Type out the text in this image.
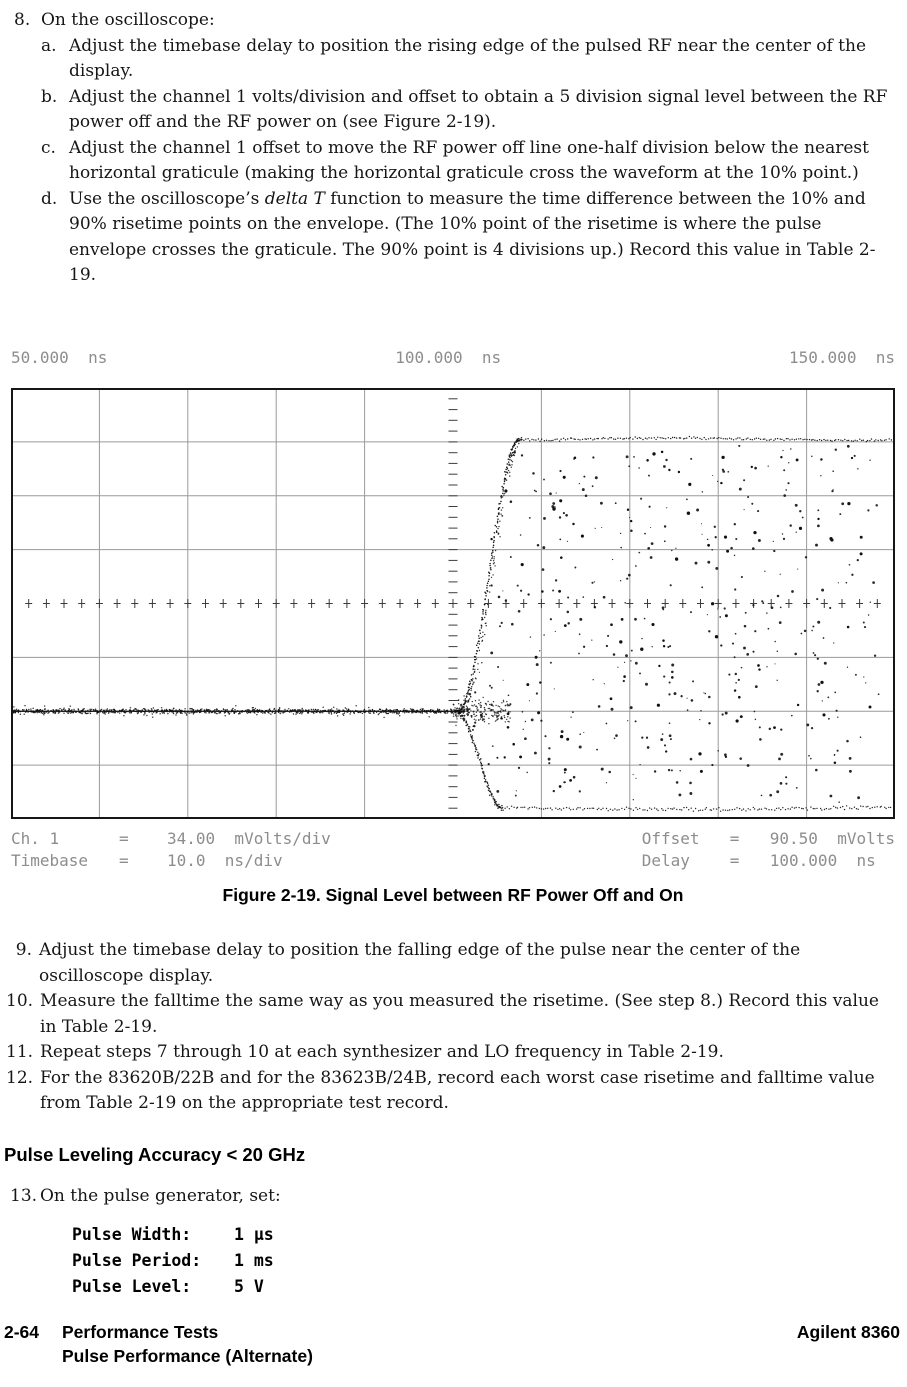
8. On the oscilloscope:
a. Adjust the timebase delay to position the rising edge of the pulsed RF near the center of the display.
b. Adjust the channel 1 volts/division and offset to obtain a 5 division signal level between the RF power off and the RF power on (see Figure 2-19).
c. Adjust the channel 1 offset to move the RF power off line one-half division below the nearest horizontal graticule (making the horizontal graticule cross the waveform at the 10% point.)
d. Use the oscilloscope’s delta T function to measure the time difference between the 10% and 90% risetime points on the envelope. (The 10% point of the risetime is where the pulse envelope crosses the graticule. The 90% point is 4 divisions up.) Record this value in Table 2-19.
50.000  ns	100.000  ns	150.000  ns
Ch. 1	=	34.00  mVolts/div
Timebase	=	10.0  ns/div
Offset	=	90.50  mVolts
Delay	=	100.000  ns
Figure 2-19. Signal Level between RF Power Off and On
9. Adjust the timebase delay to position the falling edge of the pulse near the center of the oscilloscope display.
10. Measure the falltime the same way as you measured the risetime. (See step 8.) Record this value in Table 2-19.
11. Repeat steps 7 through 10 at each synthesizer and LO frequency in Table 2-19.
12. For the 83620B/22B and for the 83623B/24B, record each worst case risetime and falltime value from Table 2-19 on the appropriate test record.
Pulse Leveling Accuracy < 20 GHz
13. On the pulse generator, set:
Pulse Width:	1 µs
Pulse Period:	1 ms
Pulse Level:	5 V
2-64	Performance Tests
Pulse Performance (Alternate)
Agilent 8360
